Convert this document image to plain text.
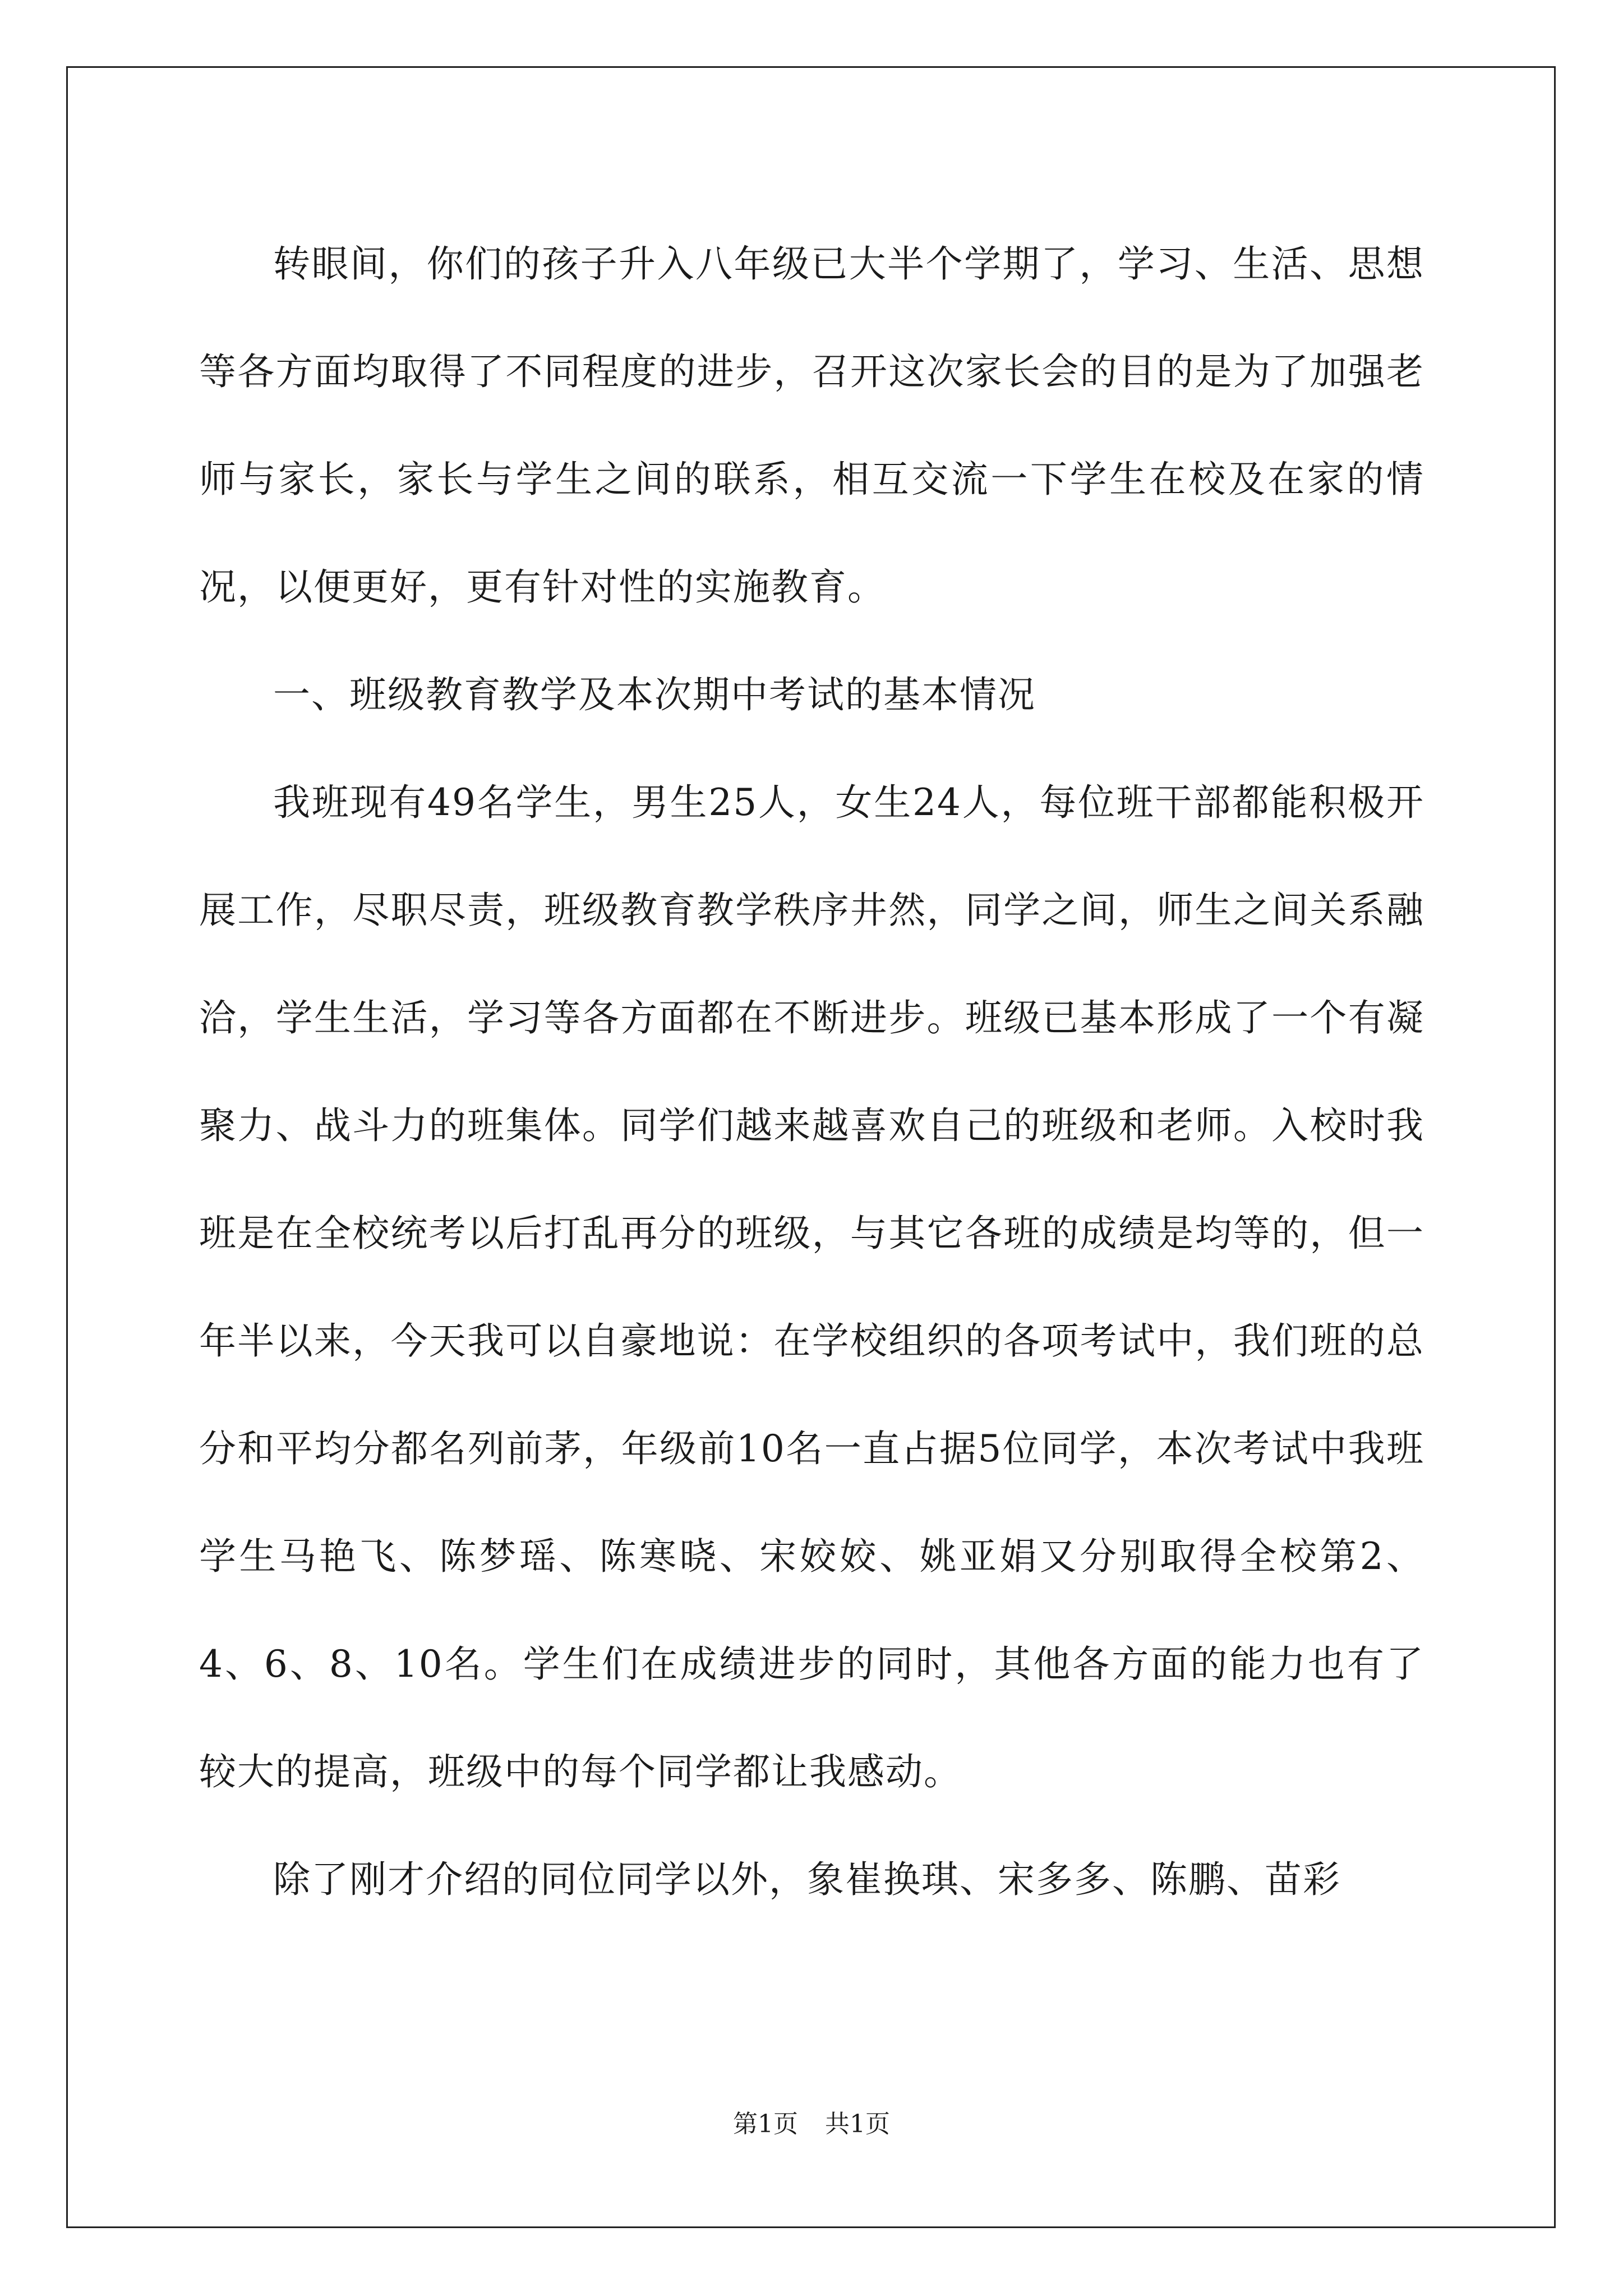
转眼间，你们的孩子升入八年级已大半个学期了，学习、生活、思想等各方面均取得了不同程度的进步，召开这次家长会的目的是为了加强老师与家长，家长与学生之间的联系，相互交流一下学生在校及在家的情况，以便更好，更有针对性的实施教育。

一、班级教育教学及本次期中考试的基本情况

我班现有49名学生，男生25人，女生24人，每位班干部都能积极开展工作，尽职尽责，班级教育教学秩序井然，同学之间，师生之间关系融洽，学生生活，学习等各方面都在不断进步。班级已基本形成了一个有凝聚力、战斗力的班集体。同学们越来越喜欢自己的班级和老师。入校时我班是在全校统考以后打乱再分的班级，与其它各班的成绩是均等的，但一年半以来，今天我可以自豪地说：在学校组织的各项考试中，我们班的总分和平均分都名列前茅，年级前10名一直占据5位同学，本次考试中我班学生马艳飞、陈梦瑶、陈寒晓、宋姣姣、姚亚娟又分别取得全校第2、4、6、8、10名。学生们在成绩进步的同时，其他各方面的能力也有了较大的提高，班级中的每个同学都让我感动。

除了刚才介绍的同位同学以外，象崔换琪、宋多多、陈鹏、苗彩

第1页 共1页
